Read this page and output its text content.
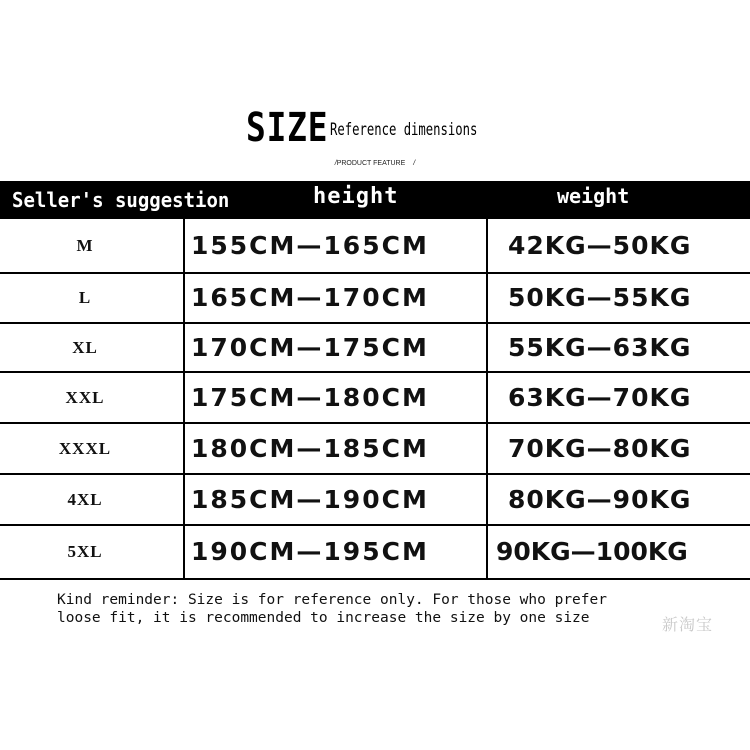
SIZE Reference dimensions
/PRODUCT FEATURE /
Seller's suggestion	height	weight
5XL	190CM—195CM	90KG—100KG
4XL	185CM—190CM	80KG—90KG
XXXL	180CM—185CM	70KG—80KG
XXL	175CM—180CM	63KG—70KG
XL	170CM—175CM	55KG—63KG
L	165CM—170CM	50KG—55KG
M	155CM—165CM	42KG—50KG
Kind reminder: Size is for reference only. For those who prefer
loose fit, it is recommended to increase the size by one size	新淘宝
